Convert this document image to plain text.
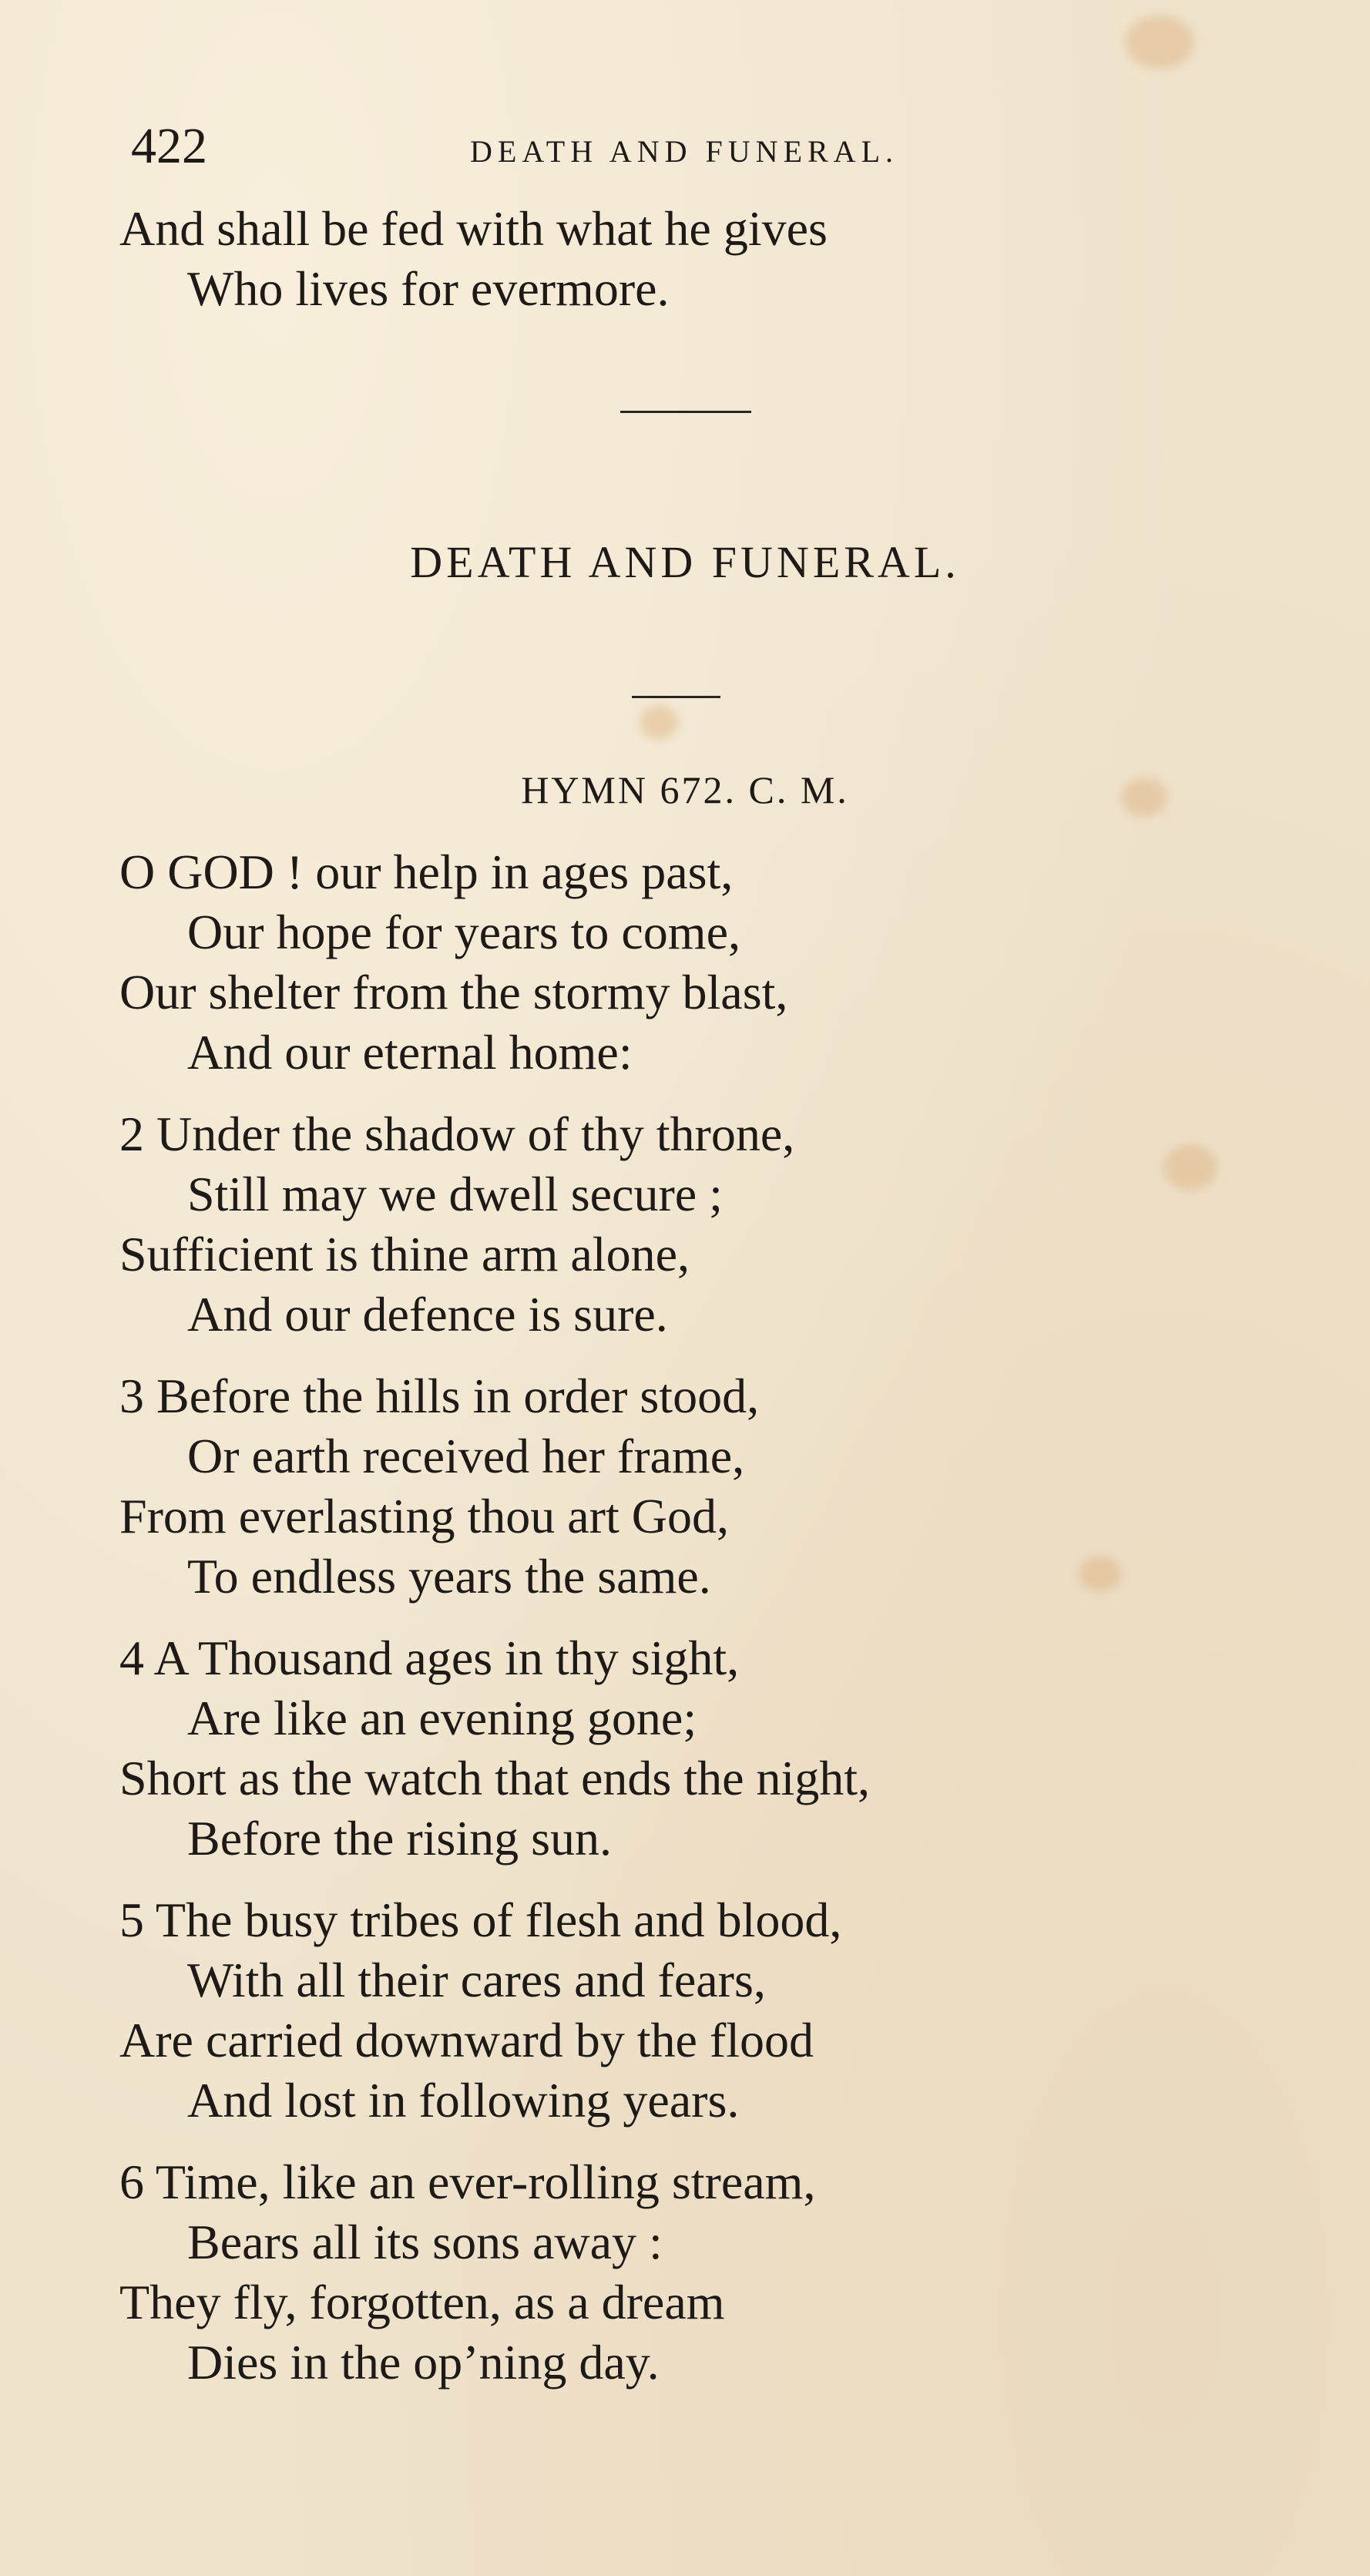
422	DEATH AND FUNERAL.
And shall be fed with what he gives
Who lives for evermore.
DEATH AND FUNERAL.
HYMN 672. C. M.
O GOD ! our help in ages past,
Our hope for years to come,
Our shelter from the stormy blast,
And our eternal home:
2 Under the shadow of thy throne,
Still may we dwell secure ;
Sufficient is thine arm alone,
And our defence is sure.
3 Before the hills in order stood,
Or earth received her frame,
From everlasting thou art God,
To endless years the same.
4 A Thousand ages in thy sight,
Are like an evening gone;
Short as the watch that ends the night,
Before the rising sun.
5 The busy tribes of flesh and blood,
With all their cares and fears,
Are carried downward by the flood
And lost in following years.
6 Time, like an ever-rolling stream,
Bears all its sons away :
They fly, forgotten, as a dream
Dies in the op’ning day.
